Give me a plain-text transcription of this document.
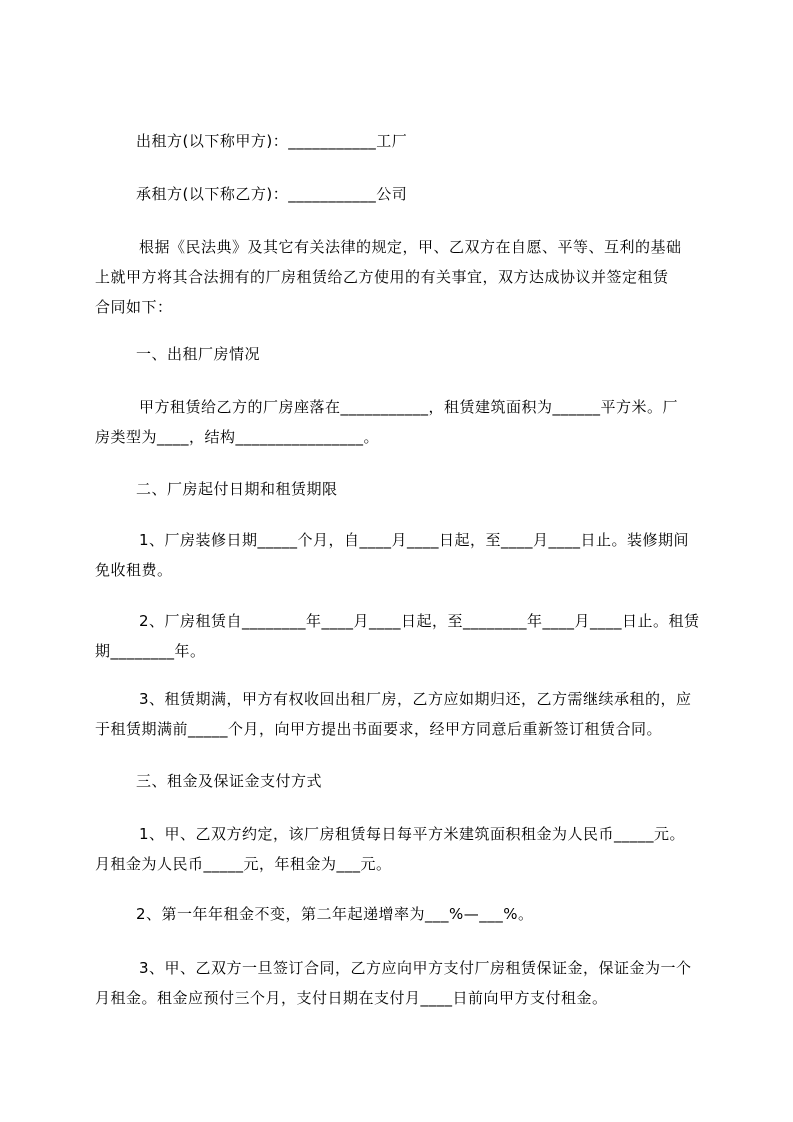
出租方(以下称甲方)：___________工厂
承租方(以下称乙方)：___________公司
根据《民法典》及其它有关法律的规定，甲、乙双方在自愿、平等、互利的基础
上就甲方将其合法拥有的厂房租赁给乙方使用的有关事宜，双方达成协议并签定租赁
合同如下：
一、出租厂房情况
甲方租赁给乙方的厂房座落在___________，租赁建筑面积为______平方米。厂
房类型为____，结构________________。
二、厂房起付日期和租赁期限
1、厂房装修日期_____个月，自____月____日起，至____月____日止。装修期间
免收租费。
2、厂房租赁自________年____月____日起，至________年____月____日止。租赁
期________年。
3、租赁期满，甲方有权收回出租厂房，乙方应如期归还，乙方需继续承租的，应
于租赁期满前_____个月，向甲方提出书面要求，经甲方同意后重新签订租赁合同。
三、租金及保证金支付方式
1、甲、乙双方约定，该厂房租赁每日每平方米建筑面积租金为人民币_____元。
月租金为人民币_____元，年租金为___元。
2、第一年年租金不变，第二年起递增率为___%—___%。
3、甲、乙双方一旦签订合同，乙方应向甲方支付厂房租赁保证金，保证金为一个
月租金。租金应预付三个月，支付日期在支付月____日前向甲方支付租金。
